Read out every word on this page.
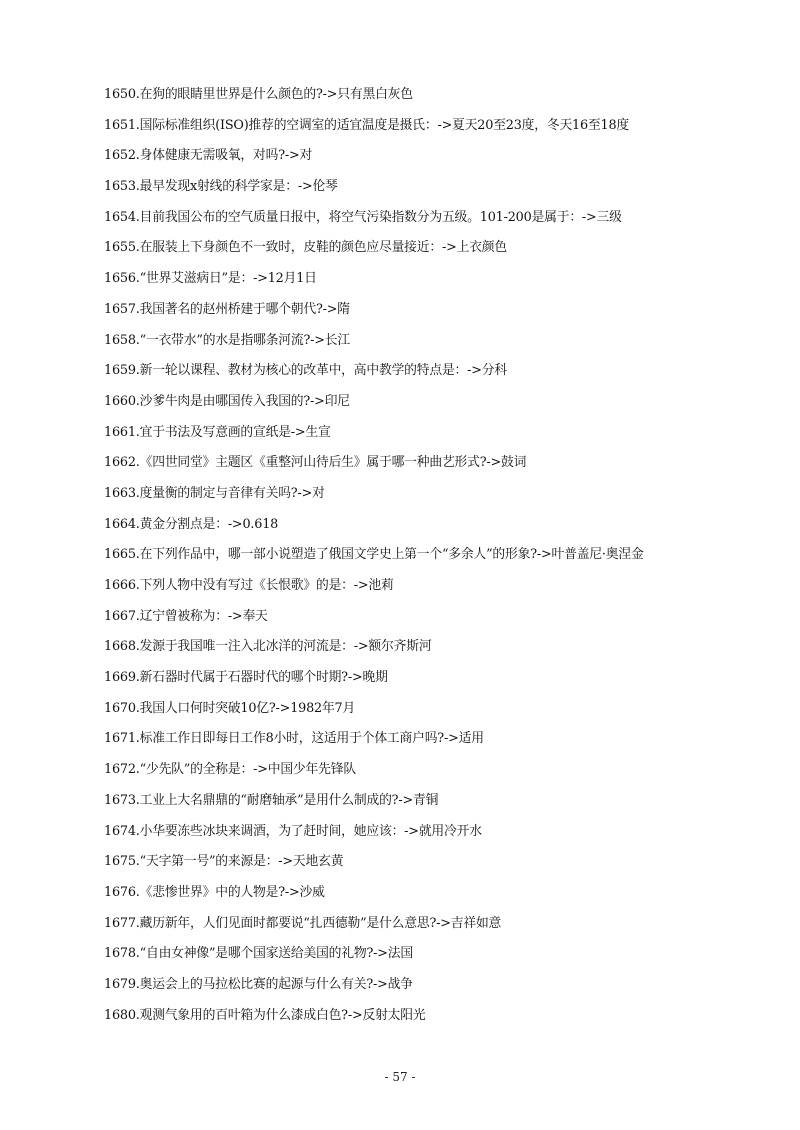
1650.在狗的眼睛里世界是什么颜色的?->只有黑白灰色
1651.国际标准组织(ISO)推荐的空调室的适宜温度是摄氏：->夏天20至23度，冬天16至18度
1652.身体健康无需吸氧，对吗?->对
1653.最早发现x射线的科学家是：->伦琴
1654.目前我国公布的空气质量日报中，将空气污染指数分为五级。101-200是属于：->三级
1655.在服装上下身颜色不一致时，皮鞋的颜色应尽量接近：->上衣颜色
1656.“世界艾滋病日”是：->12月1日
1657.我国著名的赵州桥建于哪个朝代?->隋
1658.“一衣带水”的水是指哪条河流?->长江
1659.新一轮以课程、教材为核心的改革中，高中教学的特点是：->分科
1660.沙爹牛肉是由哪国传入我国的?->印尼
1661.宜于书法及写意画的宣纸是->生宣
1662.《四世同堂》主题区《重整河山待后生》属于哪一种曲艺形式?->鼓词
1663.度量衡的制定与音律有关吗?->对
1664.黄金分割点是：->0.618
1665.在下列作品中，哪一部小说塑造了俄国文学史上第一个“多余人”的形象?->叶普盖尼·奥涅金
1666.下列人物中没有写过《长恨歌》的是：->池莉
1667.辽宁曾被称为：->奉天
1668.发源于我国唯一注入北冰洋的河流是：->额尔齐斯河
1669.新石器时代属于石器时代的哪个时期?->晚期
1670.我国人口何时突破10亿?->1982年7月
1671.标准工作日即每日工作8小时，这适用于个体工商户吗?->适用
1672.“少先队”的全称是：->中国少年先锋队
1673.工业上大名鼎鼎的“耐磨轴承”是用什么制成的?->青铜
1674.小华要冻些冰块来调酒，为了赶时间，她应该：->就用冷开水
1675.“天字第一号”的来源是：->天地玄黄
1676.《悲惨世界》中的人物是?->沙威
1677.藏历新年，人们见面时都要说“扎西德勒”是什么意思?->吉祥如意
1678.“自由女神像”是哪个国家送给美国的礼物?->法国
1679.奥运会上的马拉松比赛的起源与什么有关?->战争
1680.观测气象用的百叶箱为什么漆成白色?->反射太阳光
- 57 -
